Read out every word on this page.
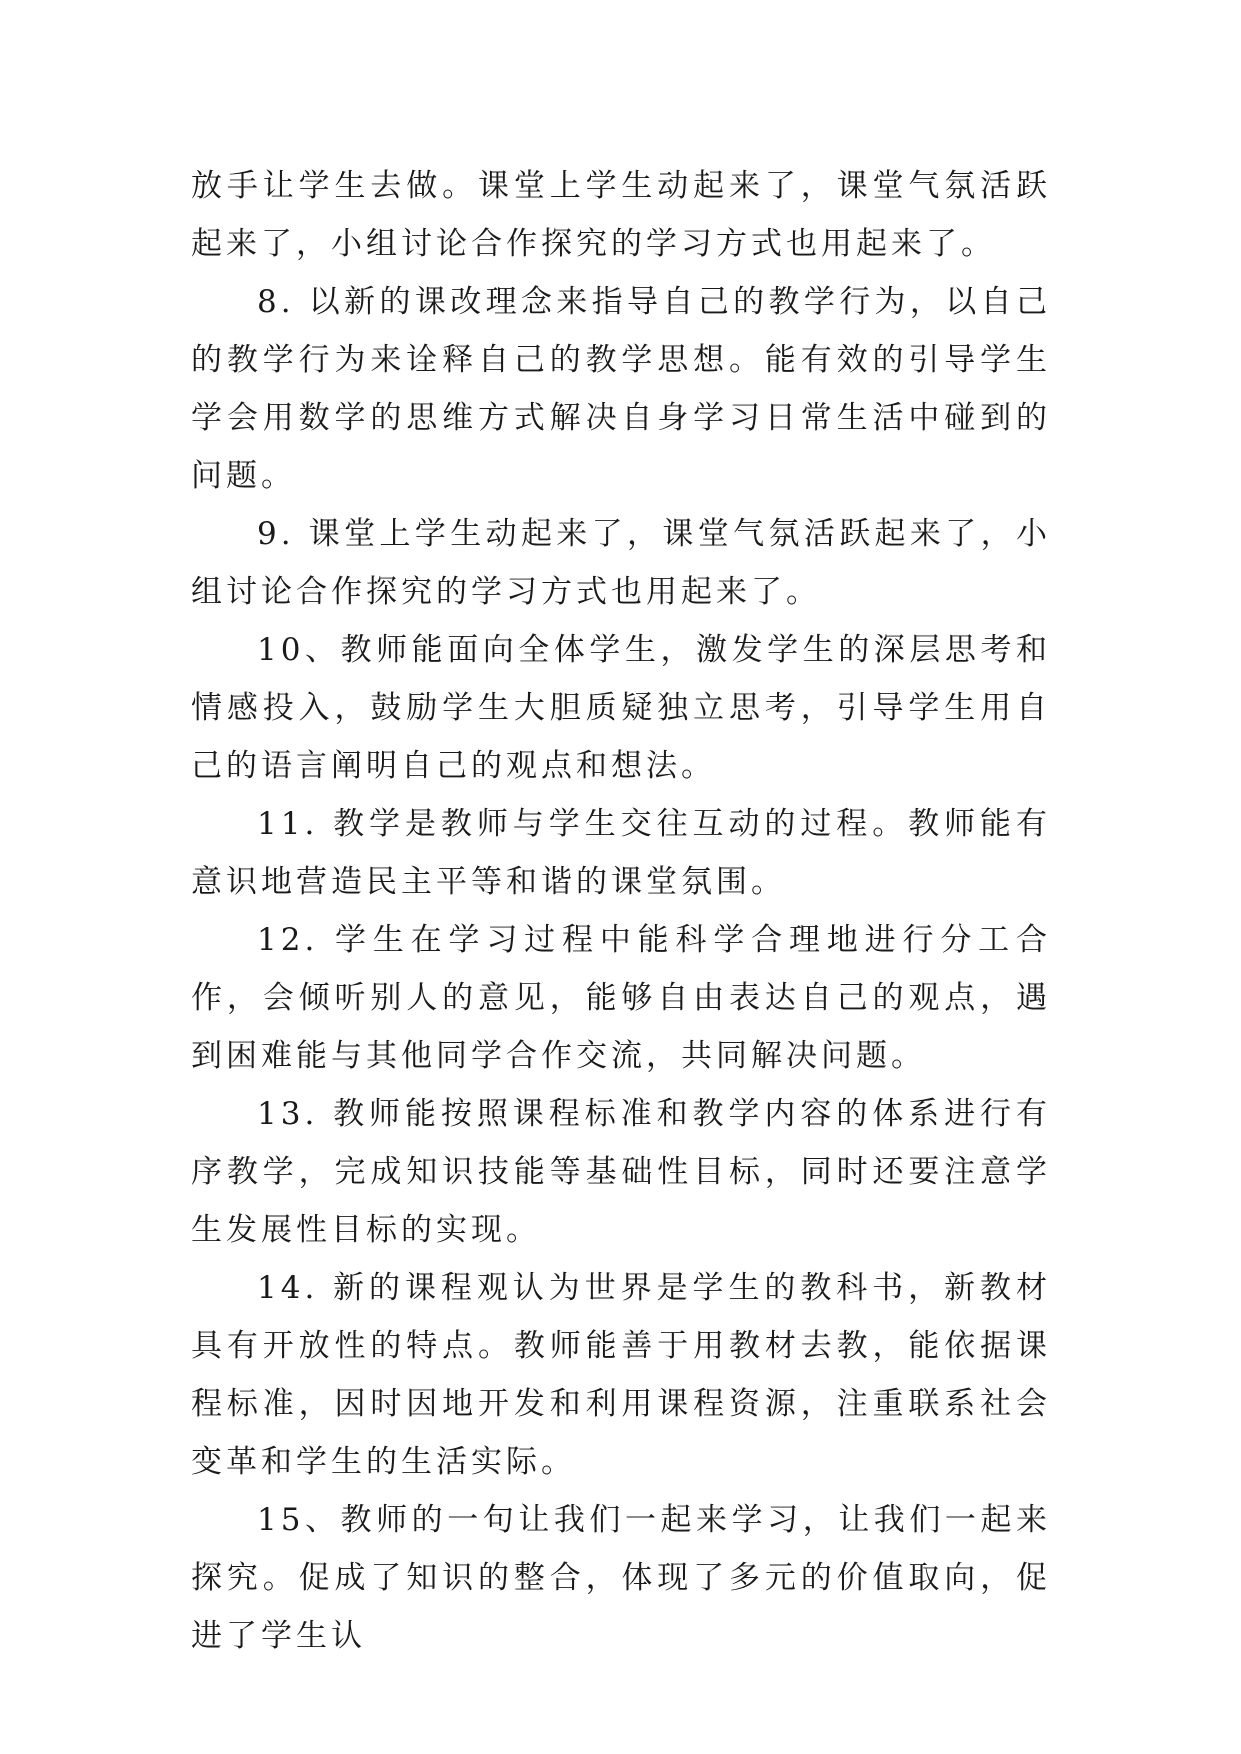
放手让学生去做。课堂上学生动起来了，课堂气氛活跃起来了，小组讨论合作探究的学习方式也用起来了。

8. 以新的课改理念来指导自己的教学行为，以自己的教学行为来诠释自己的教学思想。能有效的引导学生学会用数学的思维方式解决自身学习日常生活中碰到的问题。

9. 课堂上学生动起来了，课堂气氛活跃起来了，小组讨论合作探究的学习方式也用起来了。

10、教师能面向全体学生，激发学生的深层思考和情感投入，鼓励学生大胆质疑独立思考，引导学生用自己的语言阐明自己的观点和想法。

11. 教学是教师与学生交往互动的过程。教师能有意识地营造民主平等和谐的课堂氛围。

12. 学生在学习过程中能科学合理地进行分工合作，会倾听别人的意见，能够自由表达自己的观点，遇到困难能与其他同学合作交流，共同解决问题。

13. 教师能按照课程标准和教学内容的体系进行有序教学，完成知识技能等基础性目标，同时还要注意学生发展性目标的实现。

14. 新的课程观认为世界是学生的教科书，新教材具有开放性的特点。教师能善于用教材去教，能依据课程标准，因时因地开发和利用课程资源，注重联系社会变革和学生的生活实际。

15、教师的一句让我们一起来学习，让我们一起来探究。促成了知识的整合，体现了多元的价值取向，促进了学生认
